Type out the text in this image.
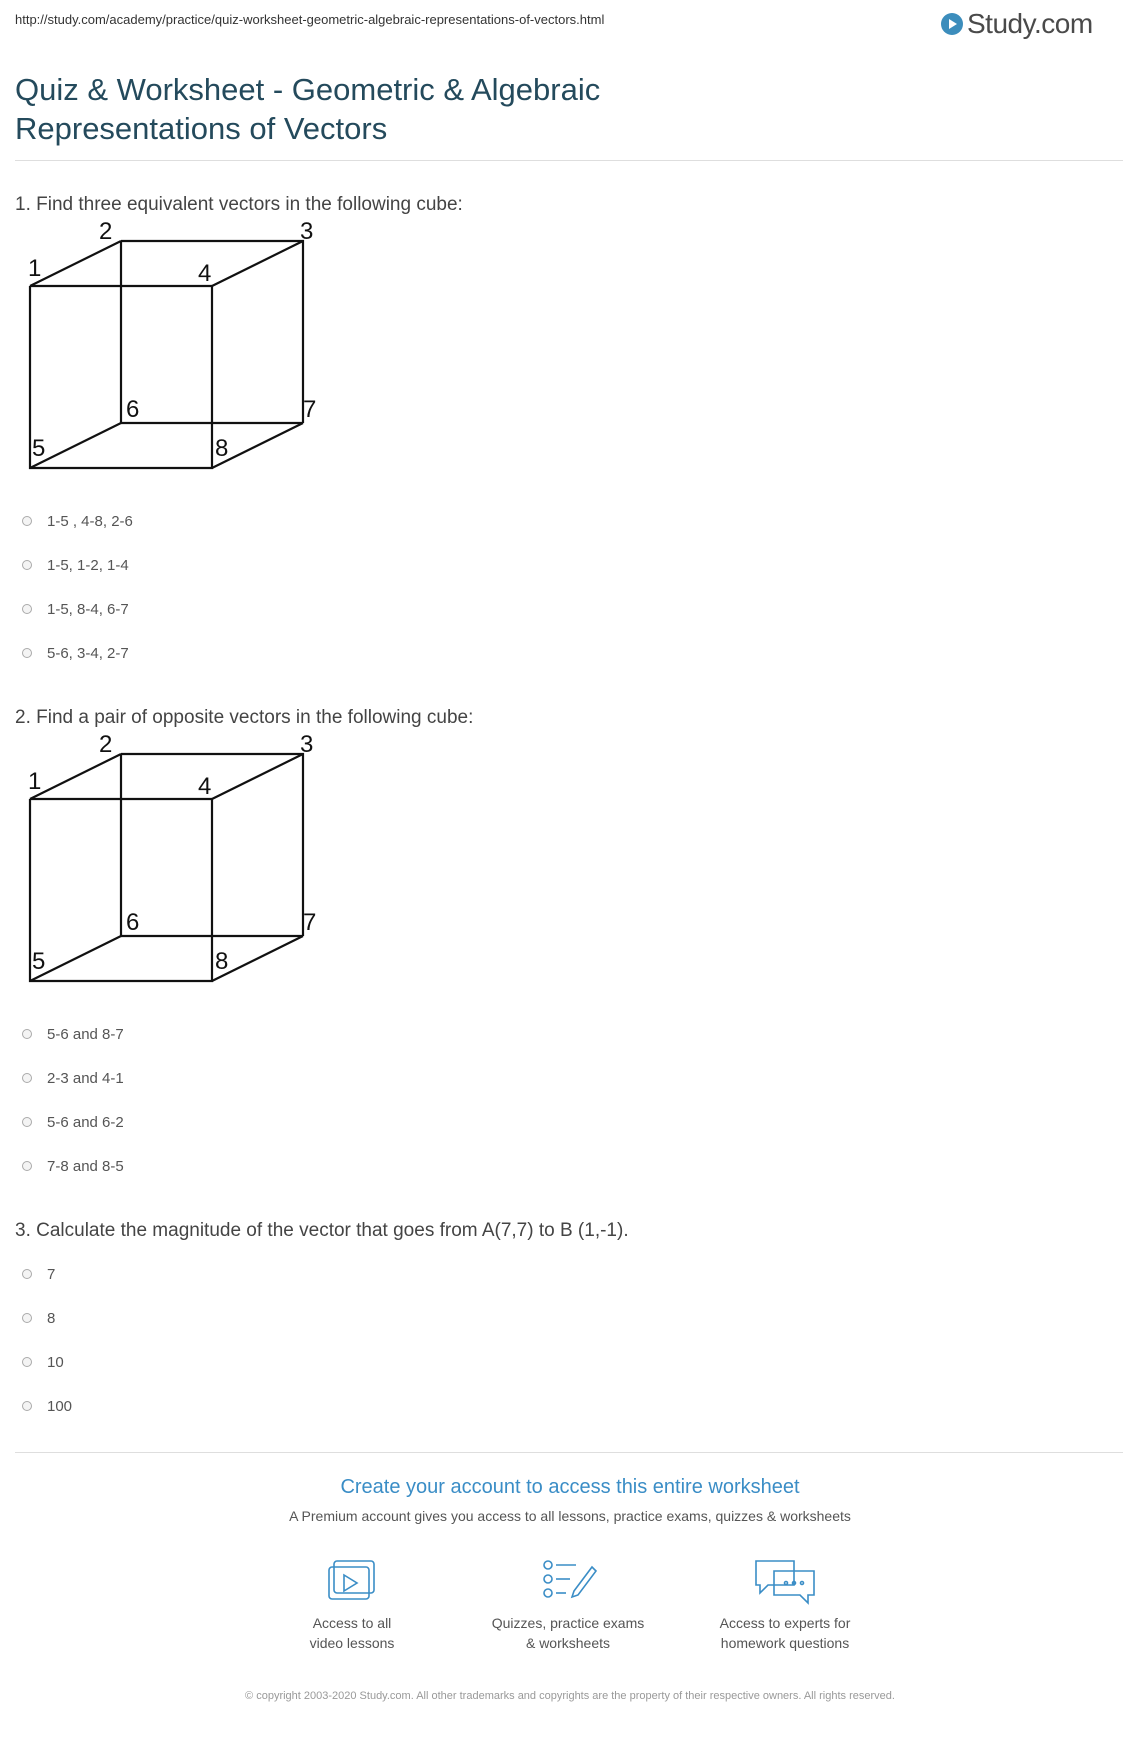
http://study.com/academy/practice/quiz-worksheet-geometric-algebraic-representations-of-vectors.html	Study.com
Quiz & Worksheet - Geometric & Algebraic Representations of Vectors

1. Find three equivalent vectors in the following cube:

1
2	3
4
5
6	7
8
1-5 , 4-8, 2-6
1-5, 1-2, 1-4
1-5, 8-4, 6-7
5-6, 3-4, 2-7

2. Find a pair of opposite vectors in the following cube:

1
2	3
4
5
6	7
8
5-6 and 8-7
2-3 and 4-1
5-6 and 6-2
7-8 and 8-5

3. Calculate the magnitude of the vector that goes from A(7,7) to B (1,-1).

7
8
10
100
Create your account to access this entire worksheet
A Premium account gives you access to all lessons, practice exams, quizzes & worksheets
Access to all
video lessons
Quizzes, practice exams
& worksheets
Access to experts for
homework questions
© copyright 2003-2020 Study.com. All other trademarks and copyrights are the property of their respective owners. All rights reserved.
